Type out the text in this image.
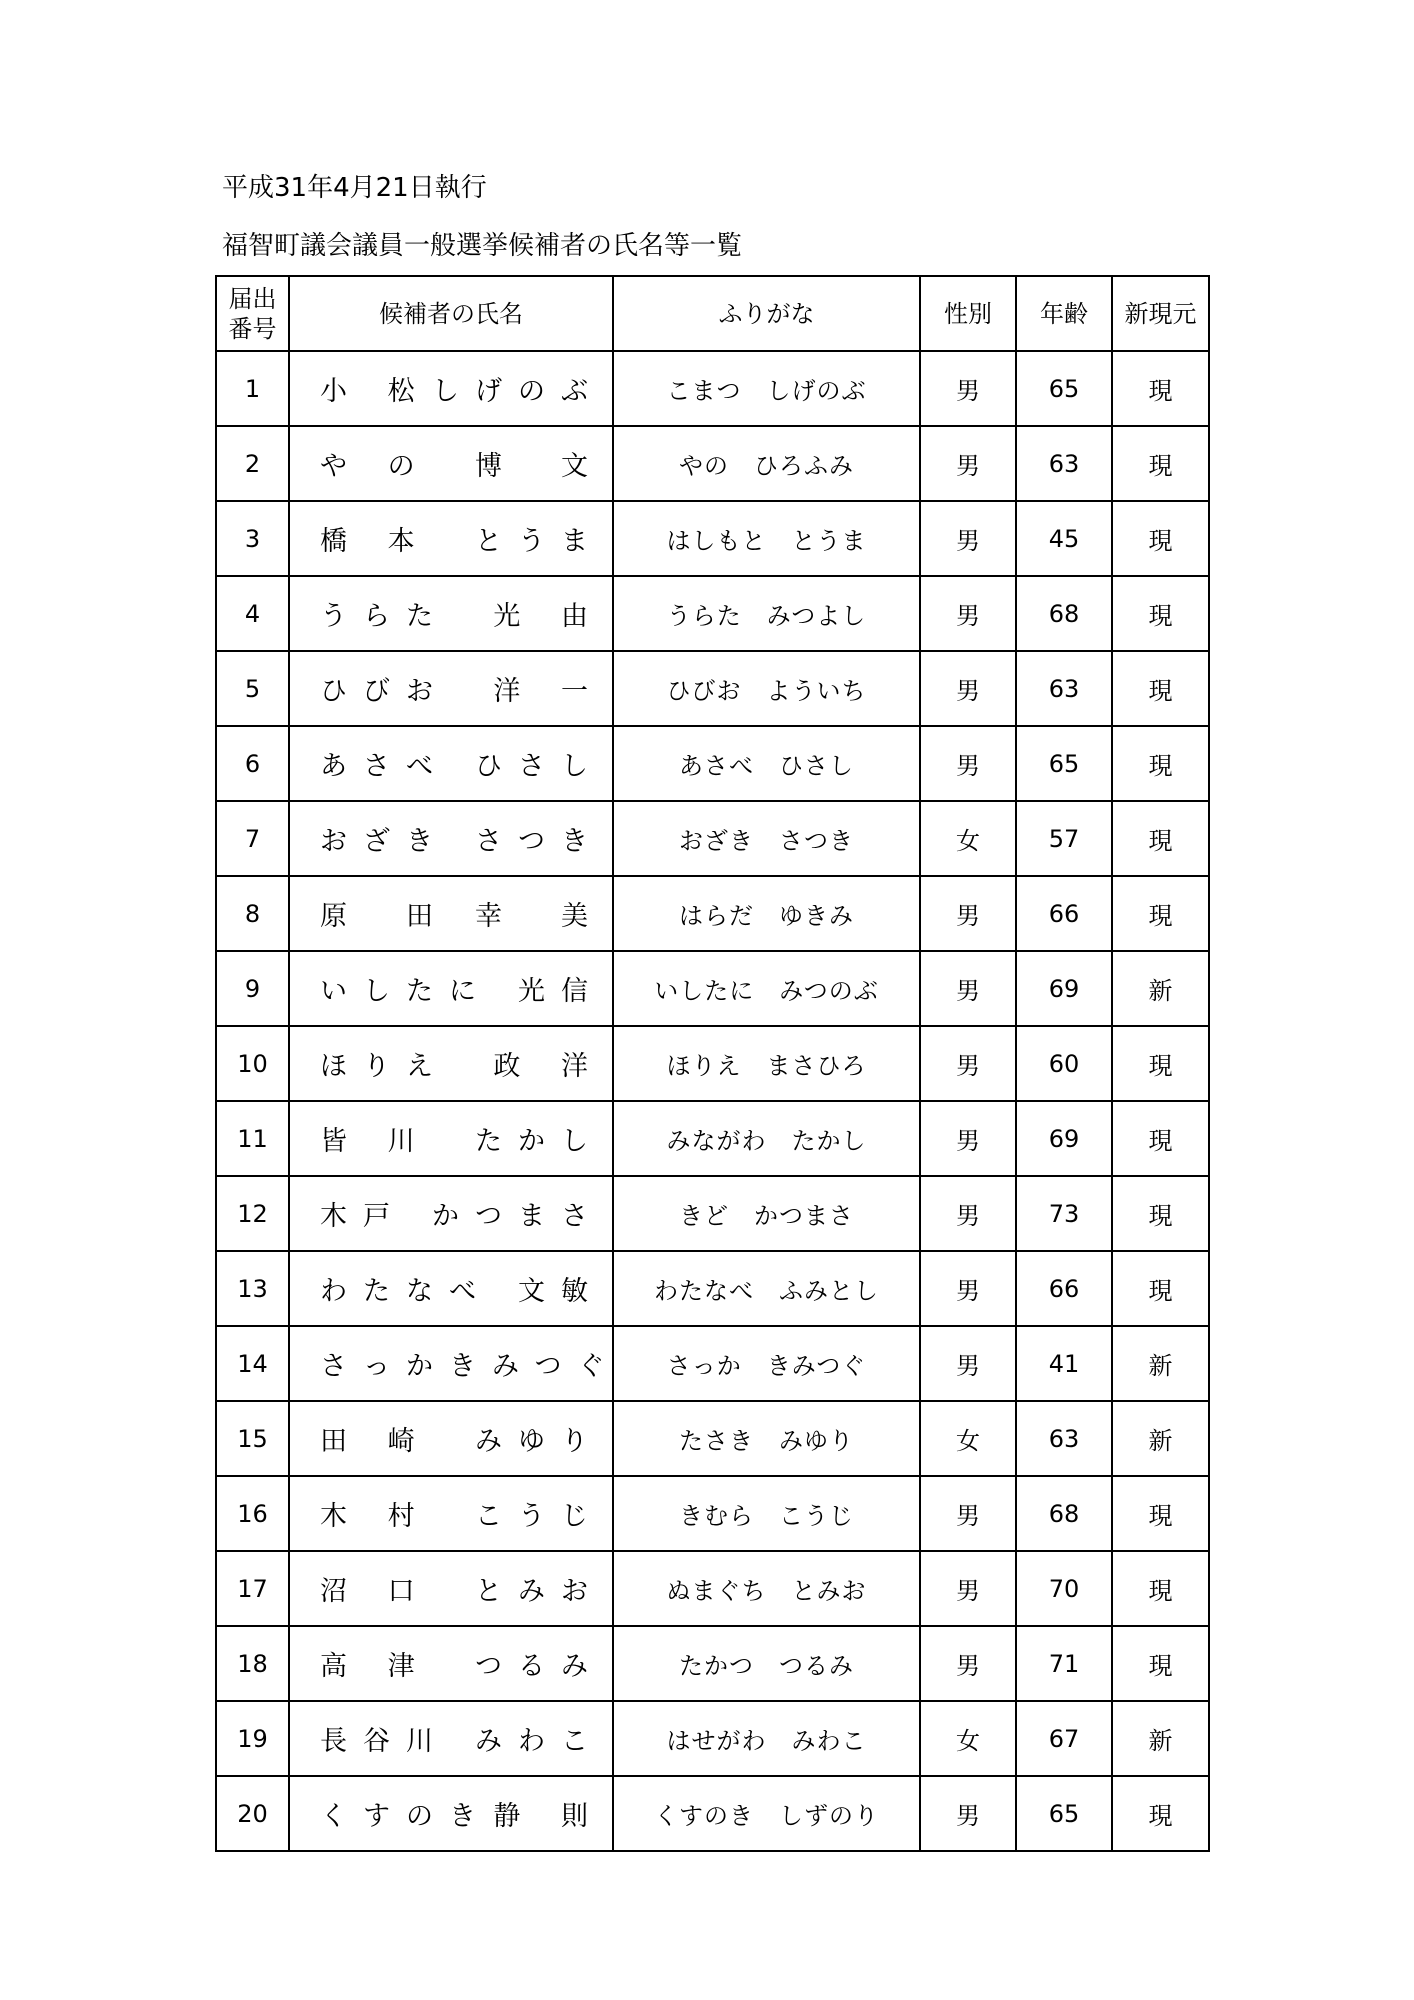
平成31年4月21日執行
福智町議会議員一般選挙候補者の氏名等一覧
届出
番号	候補者の氏名	ふりがな	性別	年齢	新現元
1	小 松 しげのぶ	こまつ　しげのぶ	男	65	現
2	や の 博　文	やの　ひろふみ	男	63	現
3	橋 本 とうま	はしもと　とうま	男	45	現
4	うらた 光 由	うらた　みつよし	男	68	現
5	ひびお 洋 一	ひびお　よういち	男	63	現
6	あさべ ひさし	あさべ　ひさし	男	65	現
7	おざき さつき	おざき　さつき	女	57	現
8	原　田 幸　美	はらだ　ゆきみ	男	66	現
9	いしたに 光信	いしたに　みつのぶ	男	69	新
10	ほりえ 政 洋	ほりえ　まさひろ	男	60	現
11	皆 川 たかし	みながわ　たかし	男	69	現
12	木戸 かつまさ	きど　かつまさ	男	73	現
13	わたなべ 文敏	わたなべ　ふみとし	男	66	現
14	さっか きみつぐ	さっか　きみつぐ	男	41	新
15	田 崎 みゆり	たさき　みゆり	女	63	新
16	木 村 こうじ	きむら　こうじ	男	68	現
17	沼 口 とみお	ぬまぐち　とみお	男	70	現
18	高 津 つるみ	たかつ　つるみ	男	71	現
19	長谷川 みわこ	はせがわ　みわこ	女	67	新
20	くすのき 静 則	くすのき　しずのり	男	65	現
